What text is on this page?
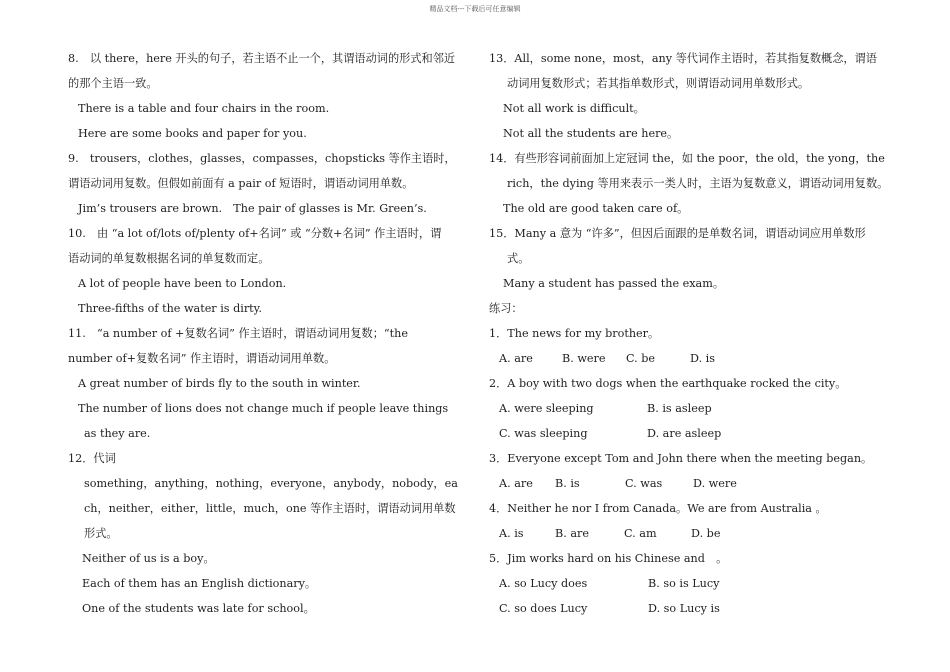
精品文档---下载后可任意编辑
8.　以 there，here 开头的句子，若主语不止一个，其谓语动词的形式和邻近
的那个主语一致。
There is a table and four chairs in the room.
Here are some books and paper for you.
9.　trousers，clothes，glasses，compasses，chopsticks 等作主语时，
谓语动词用复数。但假如前面有 a pair of 短语时，谓语动词用单数。
Jim’s trousers are brown.　The pair of glasses is Mr. Green’s.
10.　由 “a lot of/lots of/plenty of+名词” 或 “分数+名词” 作主语时，谓
语动词的单复数根据名词的单复数而定。
A lot of people have been to London.
Three-fifths of the water is dirty.
11.　“a number of +复数名词” 作主语时，谓语动词用复数；“the
number of+复数名词” 作主语时，谓语动词用单数。
A great number of birds fly to the south in winter.
The number of lions does not change much if people leave things
as they are.
12．代词
something，anything，nothing，everyone，anybody，nobody，ea
ch，neither，either，little，much，one 等作主语时，谓语动词用单数
形式。
Neither of us is a boy。
Each of them has an English dictionary。
One of the students was late for school。
13．All，some none，most，any 等代词作主语时，若其指复数概念，谓语
动词用复数形式；若其指单数形式，则谓语动词用单数形式。
Not all work is difficult。
Not all the students are here。
14．有些形容词前面加上定冠词 the，如 the poor，the old，the yong，the
rich，the dying 等用来表示一类人时，主语为复数意义，谓语动词用复数。
The old are good taken care of。
15．Many a 意为 “许多”，但因后面跟的是单数名词，谓语动词应用单数形
式。
Many a student has passed the exam。
练习：
1．The news for my brother。
A. are	B. were C. be	D. is
2．A boy with two dogs when the earthquake rocked the city。
A. were sleeping	B. is asleep
C. was sleeping	D. are asleep
3．Everyone except Tom and John there when the meeting began。
A. are B. is	C. was	D. were
4．Neither he nor I from Canada。We are from Australia 。
A. is	B. are	C. am	D. be
5．Jim works hard on his Chinese and　。
A. so Lucy does	B. so is Lucy
C. so does Lucy	D. so Lucy is
